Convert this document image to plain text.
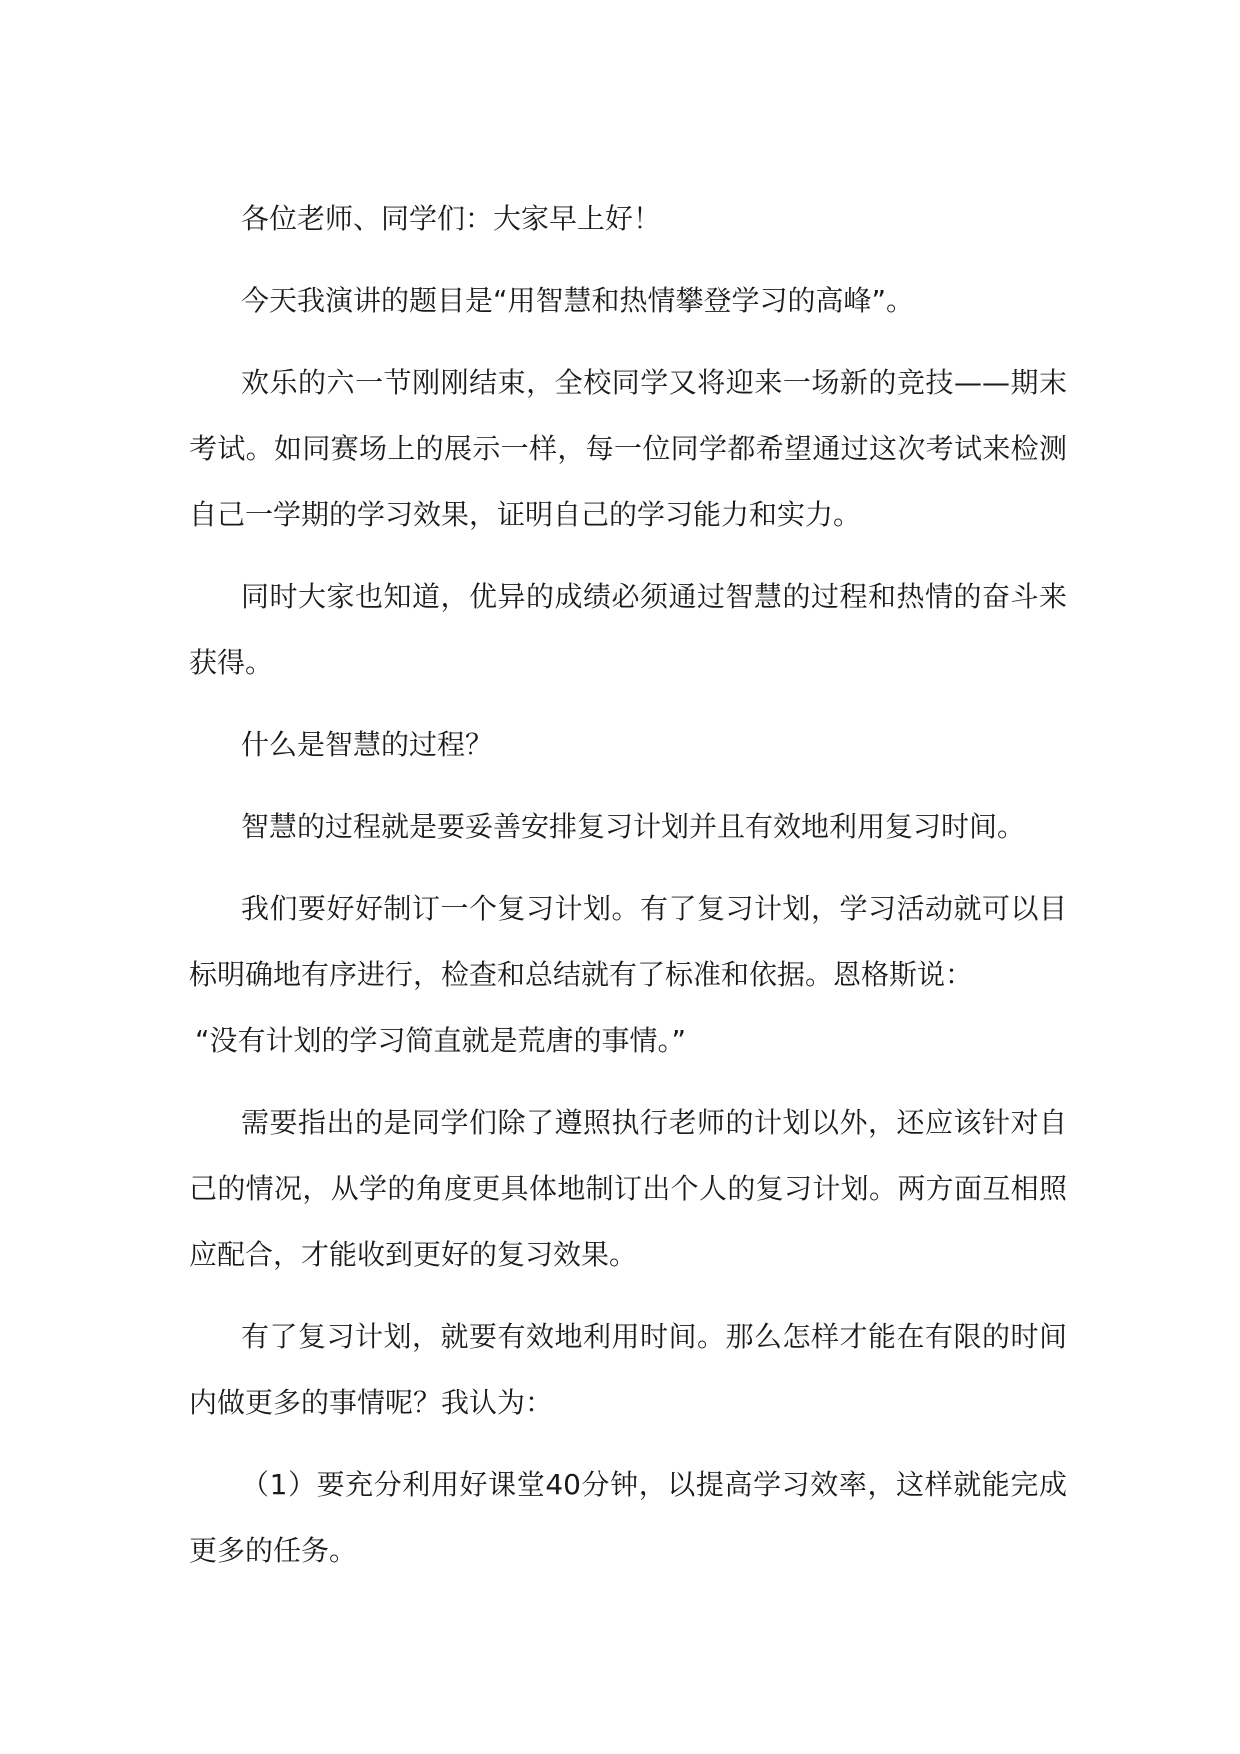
各位老师、同学们：大家早上好！

今天我演讲的题目是“用智慧和热情攀登学习的高峰”。

欢乐的六一节刚刚结束，全校同学又将迎来一场新的竞技——期末考试。如同赛场上的展示一样，每一位同学都希望通过这次考试来检测自己一学期的学习效果，证明自己的学习能力和实力。

同时大家也知道，优异的成绩必须通过智慧的过程和热情的奋斗来获得。

什么是智慧的过程？

智慧的过程就是要妥善安排复习计划并且有效地利用复习时间。

我们要好好制订一个复习计划。有了复习计划，学习活动就可以目标明确地有序进行，检查和总结就有了标准和依据。恩格斯说：

“没有计划的学习简直就是荒唐的事情。”

需要指出的是同学们除了遵照执行老师的计划以外，还应该针对自己的情况，从学的角度更具体地制订出个人的复习计划。两方面互相照应配合，才能收到更好的复习效果。

有了复习计划，就要有效地利用时间。那么怎样才能在有限的时间内做更多的事情呢？我认为：

（1）要充分利用好课堂40分钟，以提高学习效率，这样就能完成更多的任务。
